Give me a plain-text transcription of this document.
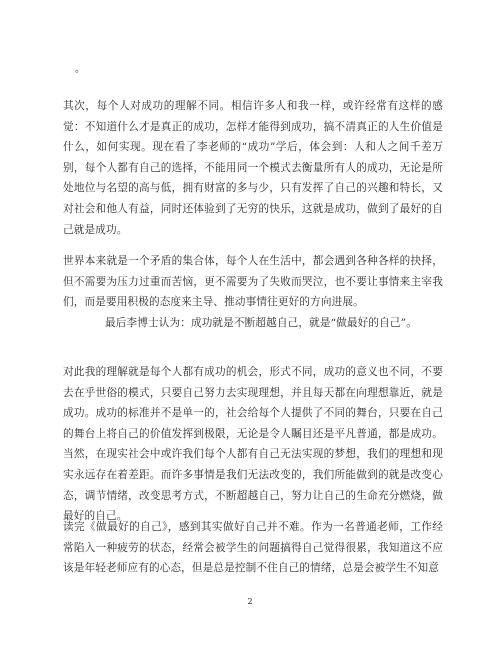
。

其次，每个人对成功的理解不同。相信许多人和我一样，或许经常有这样的感觉：不知道什么才是真正的成功，怎样才能得到成功，搞不清真正的人生价值是什么，如何实现。现在看了李老师的“成功”学后，体会到：人和人之间千差万别，每个人都有自己的选择，不能用同一个模式去衡量所有人的成功，无论是所处地位与名望的高与低，拥有财富的多与少，只有发挥了自己的兴趣和特长，又对社会和他人有益，同时还体验到了无穷的快乐，这就是成功，做到了最好的自己就是成功。

世界本来就是一个矛盾的集合体，每个人在生活中，都会遇到各种各样的抉择，但不需要为压力过重而苦恼，更不需要为了失败而哭泣，也不要让事情来主宰我们，而是要用积极的态度来主导、推动事情往更好的方向进展。

最后李博士认为：成功就是不断超越自己，就是“做最好的自己”。

对此我的理解就是每个人都有成功的机会，形式不同，成功的意义也不同，不要去在乎世俗的模式，只要自己努力去实现理想，并且每天都在向理想靠近，就是成功。成功的标准并不是单一的，社会给每个人提供了不同的舞台，只要在自己的舞台上将自己的价值发挥到极限，无论是令人瞩目还是平凡普通，都是成功。当然，在现实社会中或许我们每个人都有自己无法实现的梦想，我们的理想和现实永远存在着差距。而许多事情是我们无法改变的，我们所能做到的就是改变心态，调节情绪，改变思考方式，不断超越自己，努力让自己的生命充分燃烧，做最好的自己。

读完《做最好的自己》，感到其实做好自己并不难。作为一名普通老师，工作经常陷入一种疲劳的状态，经常会被学生的问题搞得自己觉得很累，我知道这不应该是年轻老师应有的心态，但是总是控制不住自己的情绪，总是会被学生不知意

2
